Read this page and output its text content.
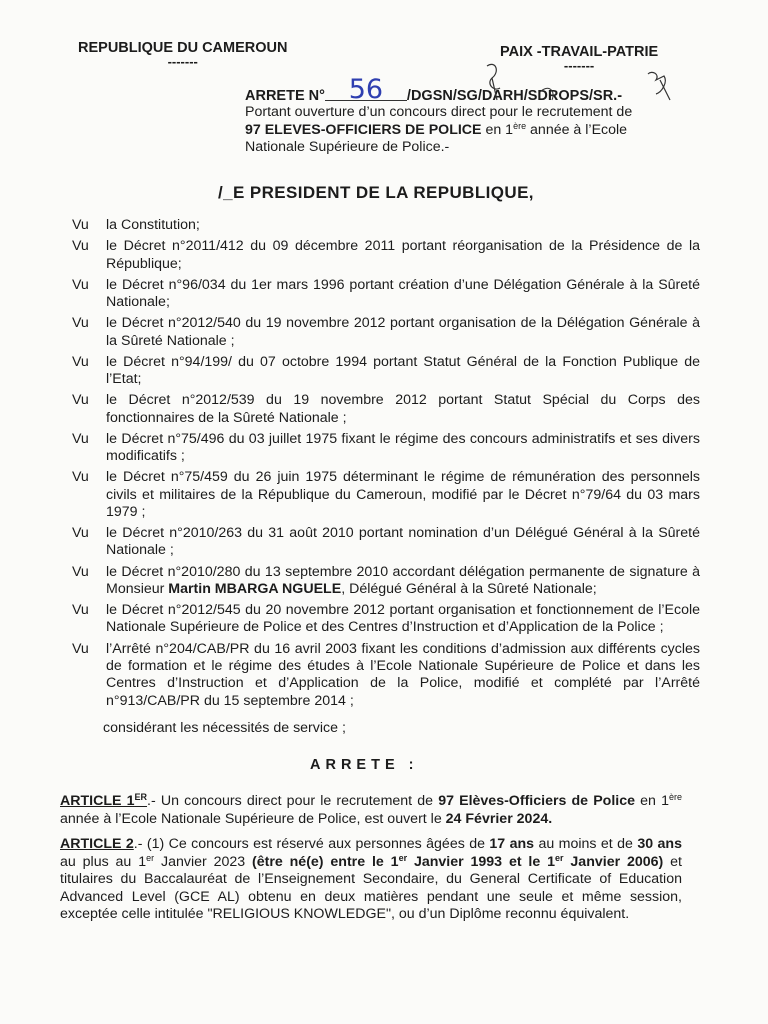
REPUBLIQUE DU CAMEROUN
-------
PAIX -TRAVAIL-PATRIE
-------
ARRETE N° 56 /DGSN/SG/DARH/SDROPS/SR.-
Portant ouverture d’un concours direct pour le recrutement de
97 ELEVES-OFFICIERS DE POLICE en 1ère année à l’Ecole
Nationale Supérieure de Police.-
/_E PRESIDENT DE LA REPUBLIQUE,
Vu	la Constitution;
Vu	le Décret n°2011/412 du 09 décembre 2011 portant réorganisation de la Présidence de la République;
Vu	le Décret n°96/034 du 1er mars 1996 portant création d’une Délégation Générale à la Sûreté Nationale;
Vu	le Décret n°2012/540 du 19 novembre 2012 portant organisation de la Délégation Générale à la Sûreté Nationale ;
Vu	le Décret n°94/199/ du 07 octobre 1994 portant Statut Général de la Fonction Publique de l’Etat;
Vu	le Décret n°2012/539 du 19 novembre 2012 portant Statut Spécial du Corps des fonctionnaires de la Sûreté Nationale ;
Vu	le Décret n°75/496 du 03 juillet 1975 fixant le régime des concours administratifs et ses divers modificatifs ;
Vu	le Décret n°75/459 du 26 juin 1975 déterminant le régime de rémunération des personnels civils et militaires de la République du Cameroun, modifié par le Décret n°79/64 du 03 mars 1979 ;
Vu	le Décret n°2010/263 du 31 août 2010 portant nomination d’un Délégué Général à la Sûreté Nationale ;
Vu	le Décret n°2010/280 du 13 septembre 2010 accordant délégation permanente de signature à Monsieur Martin MBARGA NGUELE, Délégué Général à la Sûreté Nationale;
Vu	le Décret n°2012/545 du 20 novembre 2012 portant organisation et fonctionnement de l’Ecole Nationale Supérieure de Police et des Centres d’Instruction et d’Application de la Police ;
Vu	l’Arrêté n°204/CAB/PR du 16 avril 2003 fixant les conditions d’admission aux différents cycles de formation et le régime des études à l’Ecole Nationale Supérieure de Police et dans les Centres d’Instruction et d’Application de la Police, modifié et complété par l’Arrêté n°913/CAB/PR du 15 septembre 2014 ;
considérant les nécessités de service ;
ARRETE :
ARTICLE 1ER.- Un concours direct pour le recrutement de 97 Elèves-Officiers de Police en 1ère année à l’Ecole Nationale Supérieure de Police, est ouvert le 24 Février 2024.
ARTICLE 2.- (1) Ce concours est réservé aux personnes âgées de 17 ans au moins et de 30 ans au plus au 1er Janvier 2023 (être né(e) entre le 1er Janvier 1993 et le 1er Janvier 2006) et titulaires du Baccalauréat de l’Enseignement Secondaire, du General Certificate of Education Advanced Level (GCE AL) obtenu en deux matières pendant une seule et même session, exceptée celle intitulée "RELIGIOUS KNOWLEDGE", ou d’un Diplôme reconnu équivalent.
